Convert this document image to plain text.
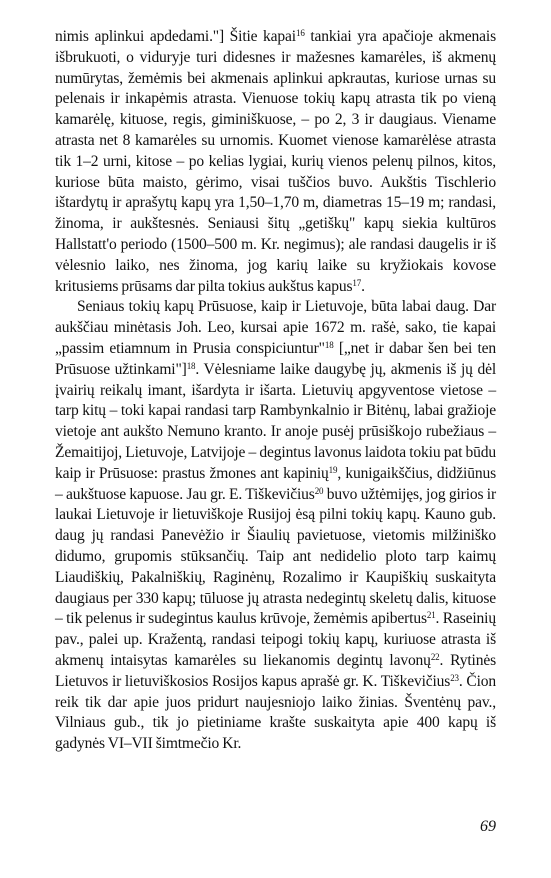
nimis aplinkui apdedami."] Šitie kapai$^{16}$ tankiai yra apačioje akmenais išbrukuoti, o viduryje turi didesnes ir mažesnes kamarėles, iš akmenų numūrytas, žemėmis bei akmenais aplinkui apkrautas, kuriose urnas su pelenais ir inkapėmis atrasta. Vienuose tokių kapų atrasta tik po vieną kamarėlę, kituose, regis, giminiškuose, – po 2, 3 ir daugiaus. Viename atrasta net 8 kamarėles su urnomis. Kuomet vienose kamarėlėse atrasta tik 1–2 urni, kitose – po kelias lygiai, kurių vienos pelenų pilnos, kitos, kuriose būta maisto, gėrimo, visai tuščios buvo. Aukštis Tischlerio ištardytų ir aprašytų kapų yra 1,50–1,70 m, diametras 15–19 m; randasi, žinoma, ir aukštesnės. Seniausi šitų „getiškų" kapų siekia kultūros Hallstatt'o periodo (1500–500 m. Kr. negimus); ale randasi daugelis ir iš vėlesnio laiko, nes žinoma, jog karių laike su kryžiokais kovose kritusiems prūsams dar pilta tokius aukštus kapus$^{17}$.

Seniaus tokių kapų Prūsuose, kaip ir Lietuvoje, būta labai daug. Dar aukščiau minėtasis Joh. Leo, kursai apie 1672 m. rašė, sako, tie kapai „passim etiamnum in Prusia conspiciuntur"$^{18}$ [„net ir dabar šen bei ten Prūsuose užtinkami"]$^{18}$. Vėlesniame laike daugybę jų, akmenis iš jų dėl įvairių reikalų imant, išardyta ir išarta. Lietuvių apgyventose vietose – tarp kitų – toki kapai randasi tarp Rambynkalnio ir Bitėnų, labai gražioje vietoje ant aukšto Nemuno kranto. Ir anoje pusėj prūsiškojo rubežiaus – Žemaitijoj, Lietuvoje, Latvijoje – degintus lavonus laidota tokiu pat būdu kaip ir Prūsuose: prastus žmones ant kapinių$^{19}$, kunigaikščius, didžiūnus – aukštuose kapuose. Jau gr. E. Tiškevičius$^{20}$ buvo užtėmijęs, jog girios ir laukai Lietuvoje ir lietuviškoje Rusijoj ėsą pilni tokių kapų. Kauno gub. daug jų randasi Panevėžio ir Šiaulių pavietuose, vietomis milžiniško didumo, grupomis stūksančių. Taip ant nedidelio ploto tarp kaimų Liaudiškių, Pakalniškių, Raginėnų, Rozalimo ir Kaupiškių suskaityta daugiaus per 330 kapų; tūluose jų atrasta nedegintų skeletų dalis, kituose – tik pelenus ir sudegintus kaulus krūvoje, žemėmis apibertus$^{21}$. Raseinių pav., palei up. Kražentą, randasi teipogi tokių kapų, kuriuose atrasta iš akmenų intaisytas kamarėles su liekanomis degintų lavonų$^{22}$. Rytinės Lietuvos ir lietuviškosios Rosijos kapus aprašė gr. K. Tiškevičius$^{23}$. Čion reik tik dar apie juos pridurt naujesniojo laiko žinias. Šventėnų pav., Vilniaus gub., tik jo pietiniame krašte suskaityta apie 400 kapų iš gadynės VI–VII šimtmečio Kr.

69
